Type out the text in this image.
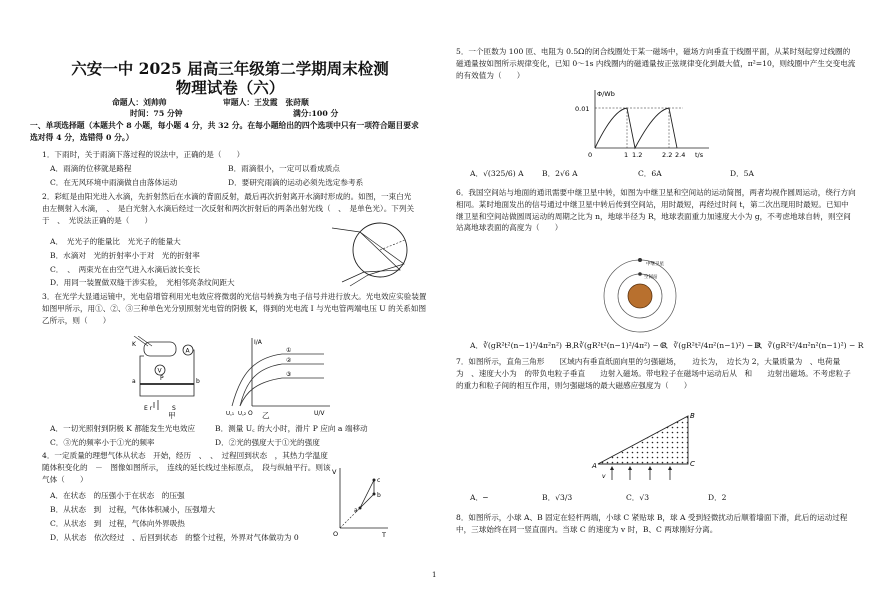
六安一中 2025 届高三年级第二学期周末检测
物理试卷（六）
命题人：刘帅帅	审题人：王发霞　张莳顺
时间：75 分钟	满分:100 分
一、单项选择题（本题共个 8 小题，每小题 4 分，共 32 分。在每小题给出的四个选项中只有一项符合题目要求选对得 4 分，选错得 0 分。）
1．下雨时，关于雨滴下落过程的说法中，正确的是（　　）
A．雨滴的位移就是路程	B．雨滴很小，一定可以看成质点
C．在无风环境中雨滴做自由落体运动	D．要研究雨滴的运动必须先选定参考系
2．彩虹是由阳光进入水滴，先折射然后在水滴的背面反射，最后再次折射离开水滴时形成的。如图，一束白光　由左侧射入水滴，　、　是白光射入水滴后经过一次反射和两次折射后的两条出射光线（　、　是单色光）。下列关于　、　光说法正确的是（　　）
A．　光光子的能量比　光光子的能量大
B．水滴对　光的折射率小于对　光的折射率
C．　、　两束光在由空气进入水滴后波长变长
D．用同一装置做双缝干涉实验，　光相邻亮条纹间距大
3．在光学大显通运镜中，光电倍增管利用光电效应将微弱的光信号转换为电子信号并进行放大。光电效应实验装置如图甲所示，用①、②、③三种单色光分别照射光电管的阴极 K，得到的光电流 I 与光电管两端电压 U 的关系如图乙所示，则（　　）
A
V
a	b
K
P
E r	S
甲
I/A
U/V
O
U꜀₁ U꜀₂
①
②
③
乙
A．一切光照射到阴极 K 都能发生光电效应	B．测量 U꜀ 的大小时，滑片 P 应向 a 端移动
C．③光的频率小于①光的频率	D．②光的强度大于①光的强度
4．一定质量的理想气体从状态　开始，经历　、　、　过程回到状态　，其热力学温度随体积变化的　－　图像如图所示，　连线的延长线过坐标原点，　段与纵轴平行。则该气体（　　）
A．在状态　的压强小于在状态　的压强
B．从状态　到　过程，气体体积减小，压强增大
C．从状态　到　过程，气体向外界吸热
D．从状态　依次经过　、后回到状态　的整个过程，外界对气体做功为 0
V
T
O
a
b
c
5．一个匝数为 100 匝、电阻为 0.5Ω的闭合线圈处于某一磁场中，磁场方向垂直于线圈平面，从某时刻起穿过线圈的磁通量按如图所示规律变化，已知 0～1s 内线圈内的磁通量按正弦规律变化到最大值，π²=10，则线圈中产生交变电流的有效值为（　　）
Φ/Wb
0.01
t/s
0	1 1.2	2.2 2.4
A．√(325/6) A B．2√6 A	C．6A	D．5A
6．我国空间站与地面的通讯需要中继卫星中转，如图为中继卫星和空间站的运动简图，两者均视作圆周运动，绕行方向相同。某时地面发出的信号通过中继卫星中转后传到空间站，用时最短，再经过时间 t，第二次出现用时最短。已知中继卫星和空间站做圆周运动的周期之比为 n，地球半径为 R，地球表面重力加速度大小为 g，不考虑地球自转，则空间站离地球表面的高度为（　　）
中继卫星
空间站
A．∛(gR²t²(n−1)²/4π²n²) − R
B．∛(gR²t²(n−1)²/4π²) − R
C．∛(gR²t²/4π²(n−1)²) − R
D．∛(gR²t²/4π²n²(n−1)²) − R
7．如图所示，直角三角形　　区域内有垂直纸面向里的匀强磁场，　　边长为，　边长为 2，大量质量为　、电荷量为　、速度大小为　的带负电粒子垂直　　边射入磁场。带电粒子在磁场中运动后从　和　　边射出磁场。不考虑粒子的重力和粒子间的相互作用，则匀强磁场的最大磁感应强度为（　　）
A
B
C
v
A．─	B．√3/3	C．√3	D．2
8．如图所示，小球 A、B 固定在轻杆两端，小球 C 紧贴球 B，球 A 受到轻微扰动后顺着墙面下滑，此后的运动过程中，三球始终在同一竖直面内。当球 C 的速度为 v 时，B、C 两球刚好分离。
1
